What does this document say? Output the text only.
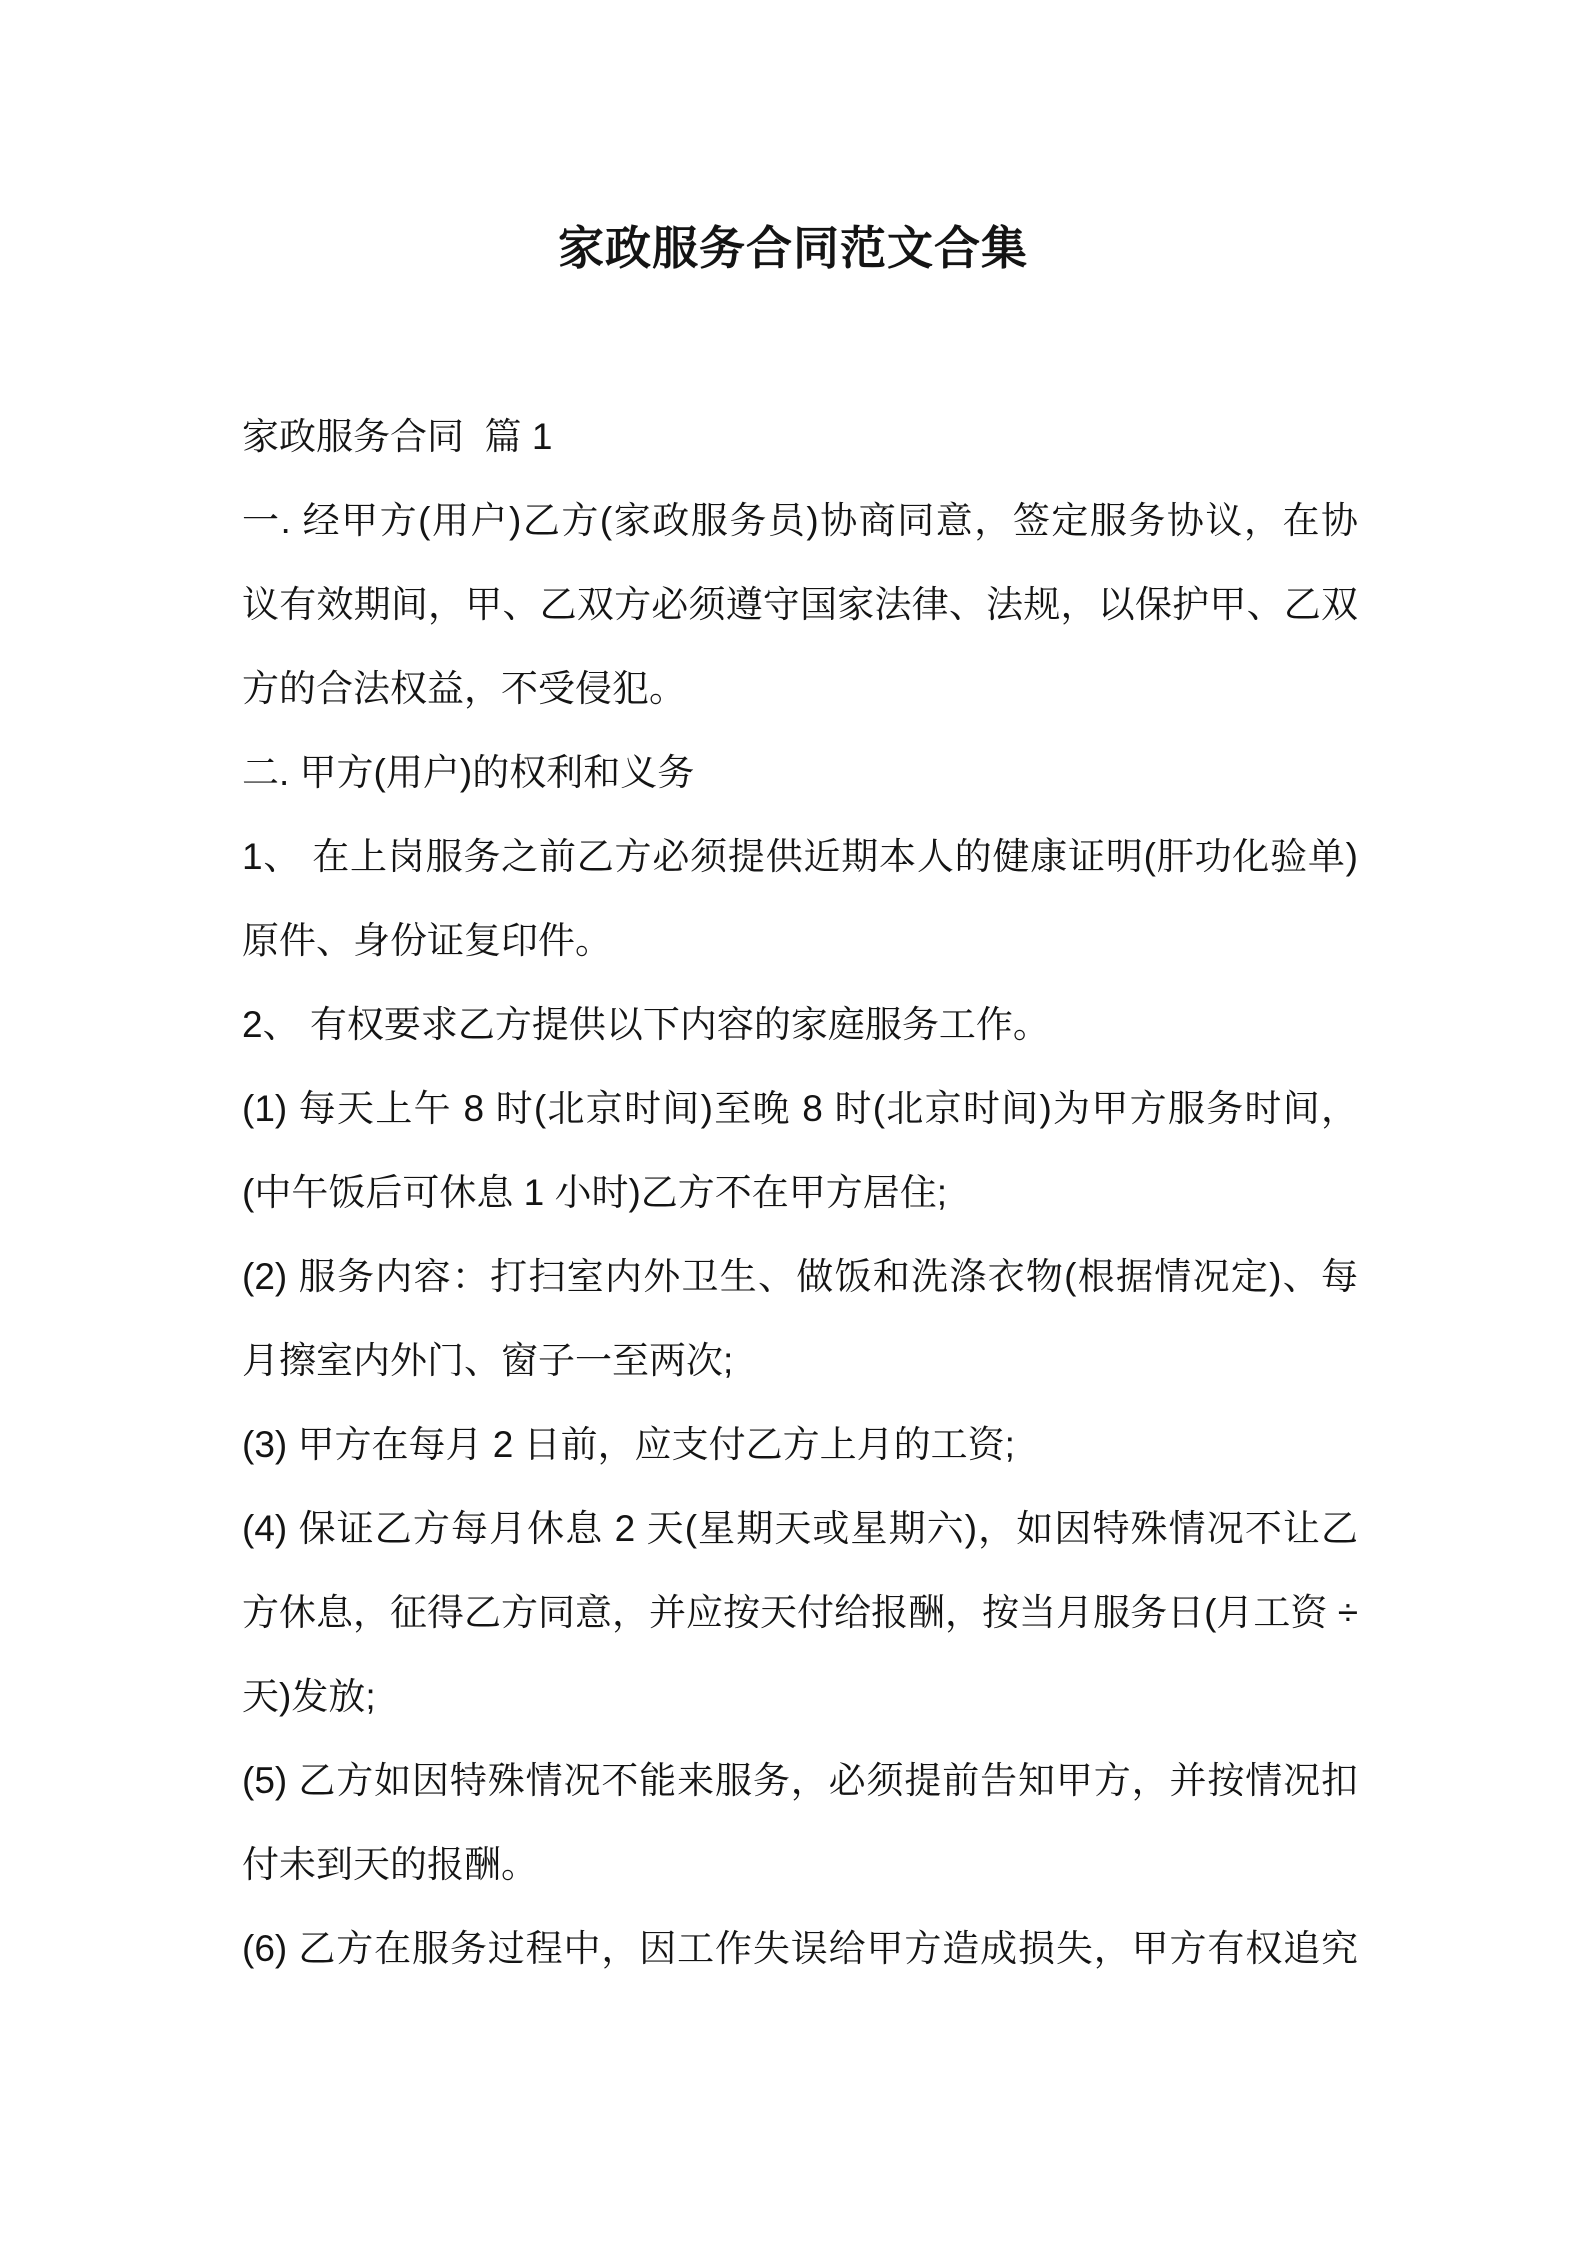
家政服务合同范文合集
家政服务合同  篇 1
一. 经甲方(用户)乙方(家政服务员)协商同意，签定服务协议，在协
议有效期间，甲、乙双方必须遵守国家法律、法规，以保护甲、乙双
方的合法权益，不受侵犯。
二. 甲方(用户)的权利和义务
1、 在上岗服务之前乙方必须提供近期本人的健康证明(肝功化验单)
原件、身份证复印件。
2、 有权要求乙方提供以下内容的家庭服务工作。
(1) 每天上午 8 时(北京时间)至晚 8 时(北京时间)为甲方服务时间，
(中午饭后可休息 1 小时)乙方不在甲方居住;
(2) 服务内容：打扫室内外卫生、做饭和洗涤衣物(根据情况定)、每
月擦室内外门、窗子一至两次;
(3) 甲方在每月 2 日前，应支付乙方上月的工资;
(4) 保证乙方每月休息 2 天(星期天或星期六)，如因特殊情况不让乙
方休息，征得乙方同意，并应按天付给报酬，按当月服务日(月工资 ÷
天)发放;
(5) 乙方如因特殊情况不能来服务，必须提前告知甲方，并按情况扣
付未到天的报酬。
(6) 乙方在服务过程中，因工作失误给甲方造成损失，甲方有权追究
